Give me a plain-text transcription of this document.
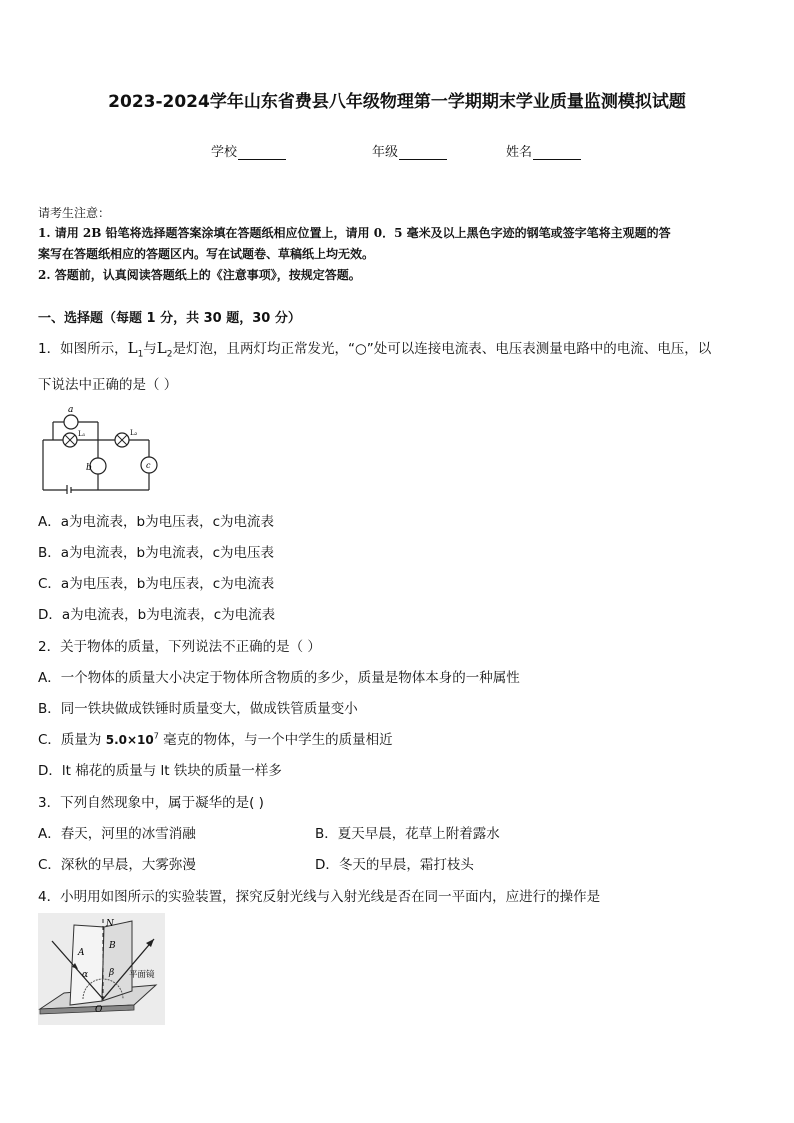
2023-2024学年山东省费县八年级物理第一学期期末学业质量监测模拟试题
学校	年级	姓名
请考生注意：
1. 请用 2B 铅笔将选择题答案涂填在答题纸相应位置上，请用 0．5 毫米及以上黑色字迹的钢笔或签字笔将主观题的答
案写在答题纸相应的答题区内。写在试题卷、草稿纸上均无效。
2. 答题前，认真阅读答题纸上的《注意事项》，按规定答题。
一、选择题（每题 1 分，共 30 题，30 分）
1．如图所示，$L_1$与$L_2$是灯泡，且两灯均正常发光，“○”处可以连接电流表、电压表测量电路中的电流、电压，以
下说法中正确的是（ ）
a
b	c
L₁	L₂
A．a为电流表，b为电压表，c为电流表
B．a为电流表，b为电流表，c为电压表
C．a为电压表，b为电压表，c为电流表
D．a为电流表，b为电流表，c为电流表
2．关于物体的质量，下列说法不正确的是（ ）
A．一个物体的质量大小决定于物体所含物质的多少，质量是物体本身的一种属性
B．同一铁块做成铁锤时质量变大，做成铁管质量变小
C．质量为 $5.0\times 10^7$ 毫克的物体，与一个中学生的质量相近
D．lt 棉花的质量与 lt 铁块的质量一样多
3．下列自然现象中，属于凝华的是( )
A．春天，河里的冰雪消融	B．夏天早晨，花草上附着露水
C．深秋的早晨，大雾弥漫	D．冬天的早晨，霜打枝头
4．小明用如图所示的实验装置，探究反射光线与入射光线是否在同一平面内，应进行的操作是
N
A
B
α β
O
平面镜
